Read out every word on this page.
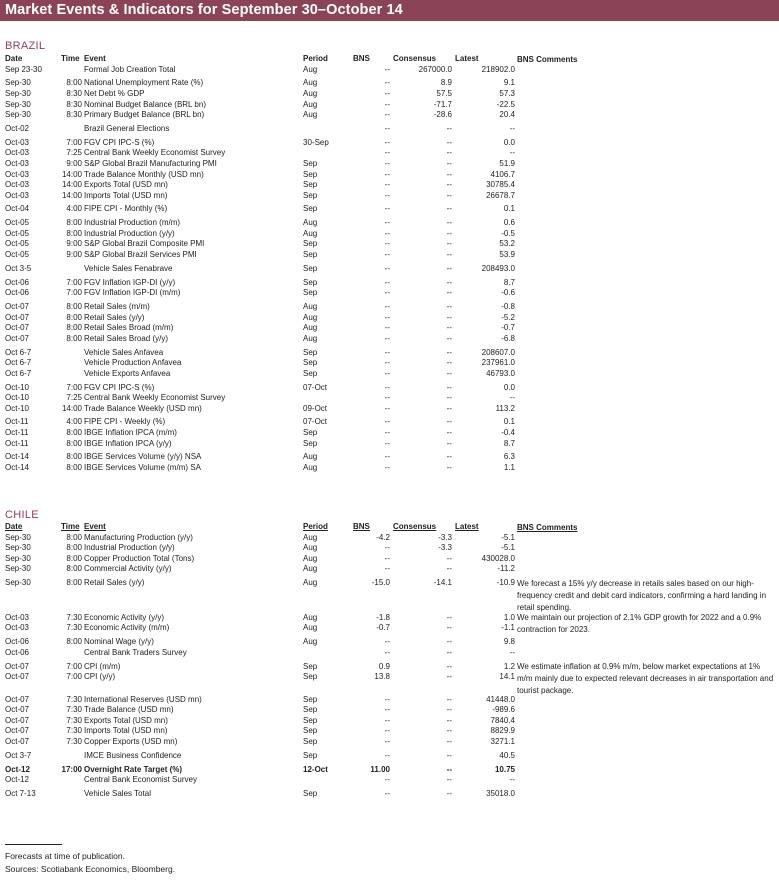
Market Events & Indicators for September 30–October 14
BRAZIL
Date	Time Event	Period	BNS	Consensus Latest	BNS Comments
Sep 23-30	Formal Job Creation Total	Aug	--	267000.0	218902.0
Sep-30	8:00 National Unemployment Rate (%)	Aug	--	8.9	9.1
Sep-30	8:30 Net Debt % GDP	Aug	--	57.5	57.3
Sep-30	8:30 Nominal Budget Balance (BRL bn)	Aug	--	-71.7	-22.5
Sep-30	8:30 Primary Budget Balance (BRL bn)	Aug	--	-28.6	20.4
Oct-02	Brazil General Elections	--	--	--
Oct-03	7:00 FGV CPI IPC-S (%)	30-Sep	--	--	0.0
Oct-03	7:25 Central Bank Weekly Economist Survey	--	--	--
Oct-03	9:00 S&P Global Brazil Manufacturing PMI	Sep	--	--	51.9
Oct-03	14:00 Trade Balance Monthly (USD mn)	Sep	--	--	4106.7
Oct-03	14:00 Exports Total (USD mn)	Sep	--	--	30785.4
Oct-03	14:00 Imports Total (USD mn)	Sep	--	--	26678.7
Oct-04	4:00 FIPE CPI - Monthly (%)	Sep	--	--	0.1
Oct-05	8:00 Industrial Production (m/m)	Aug	--	--	0.6
Oct-05	8:00 Industrial Production (y/y)	Aug	--	--	-0.5
Oct-05	9:00 S&P Global Brazil Composite PMI	Sep	--	--	53.2
Oct-05	9:00 S&P Global Brazil Services PMI	Sep	--	--	53.9
Oct 3-5	Vehicle Sales Fenabrave	Sep	--	--	208493.0
Oct-06	7:00 FGV Inflation IGP-DI (y/y)	Sep	--	--	8.7
Oct-06	7:00 FGV Inflation IGP-DI (m/m)	Sep	--	--	-0.6
Oct-07	8:00 Retail Sales (m/m)	Aug	--	--	-0.8
Oct-07	8:00 Retail Sales (y/y)	Aug	--	--	-5.2
Oct-07	8:00 Retail Sales Broad (m/m)	Aug	--	--	-0.7
Oct-07	8:00 Retail Sales Broad (y/y)	Aug	--	--	-6.8
Oct 6-7	Vehicle Sales Anfavea	Sep	--	--	208607.0
Oct 6-7	Vehicle Production Anfavea	Sep	--	--	237961.0
Oct 6-7	Vehicle Exports Anfavea	Sep	--	--	46793.0
Oct-10	7:00 FGV CPI IPC-S (%)	07-Oct	--	--	0.0
Oct-10	7:25 Central Bank Weekly Economist Survey	--	--	--
Oct-10	14:00 Trade Balance Weekly (USD mn)	09-Oct	--	--	113.2
Oct-11	4:00 FIPE CPI - Weekly (%)	07-Oct	--	--	0.1
Oct-11	8:00 IBGE Inflation IPCA (m/m)	Sep	--	--	-0.4
Oct-11	8:00 IBGE Inflation IPCA (y/y)	Sep	--	--	8.7
Oct-14	8:00 IBGE Services Volume (y/y) NSA	Aug	--	--	6.3
Oct-14	8:00 IBGE Services Volume (m/m) SA	Aug	--	--	1.1
CHILE
Date	Time Event	Period	BNS	Consensus Latest	BNS Comments
Sep-30	8:00 Manufacturing Production (y/y)	Aug	-4.2	-3.3	-5.1
Sep-30	8:00 Industrial Production (y/y)	Aug	--	-3.3	-5.1
Sep-30	8:00 Copper Production Total (Tons)	Aug	--	--	430028.0
Sep-30	8:00 Commercial Activity (y/y)	Aug	--	--	-11.2
Sep-30	8:00 Retail Sales (y/y)	Aug	-15.0	-14.1	-10.9 We forecast a 15% y/y decrease in retails sales based on our high-frequency credit and debit card indicators, confirming a hard landing in retail spending.
Oct-03	7:30 Economic Activity (y/y)	Aug	-1.8	--	1.0 We maintain our projection of 2.1% GDP growth for 2022 and a 0.9% contraction for 2023.
Oct-03	7:30 Economic Activity (m/m)	Aug	-0.7	--	-1.1
Oct-06	8:00 Nominal Wage (y/y)	Aug	--	--	9.8
Oct-06	Central Bank Traders Survey	--	--	--
Oct-07	7:00 CPI (m/m)	Sep	0.9	--	1.2 We estimate inflation at 0.9% m/m, below market expectations at 1% m/m mainly due to expected relevant decreases in air transportation and tourist package.
Oct-07	7:00 CPI (y/y)	Sep	13.8	--	14.1
Oct-07	7:30 International Reserves (USD mn)	Sep	--	--	41448.0
Oct-07	7:30 Trade Balance (USD mn)	Sep	--	--	-989.6
Oct-07	7:30 Exports Total (USD mn)	Sep	--	--	7840.4
Oct-07	7:30 Imports Total (USD mn)	Sep	--	--	8829.9
Oct-07	7:30 Copper Exports (USD mn)	Sep	--	--	3271.1
Oct 3-7	IMCE Business Confidence	Sep	--	--	40.5
Oct-12	17:00 Overnight Rate Target (%)	12-Oct	11.00	--	10.75
Oct-12	Central Bank Economist Survey	--	--	--
Oct 7-13	Vehicle Sales Total	Sep	--	--	35018.0
Forecasts at time of publication.
Sources: Scotiabank Economics, Bloomberg.
